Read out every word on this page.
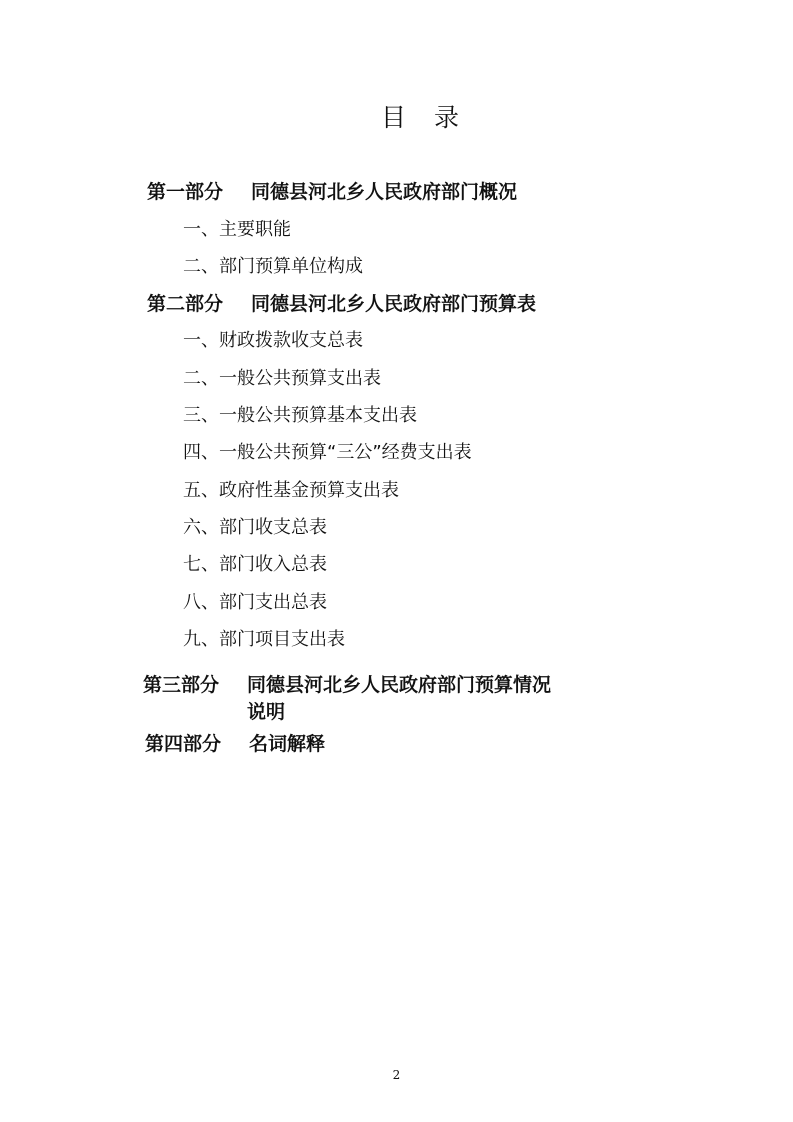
目 录
第一部分 同德县河北乡人民政府部门概况
一、主要职能
二、部门预算单位构成
第二部分 同德县河北乡人民政府部门预算表
一、财政拨款收支总表
二、一般公共预算支出表
三、一般公共预算基本支出表
四、一般公共预算“三公”经费支出表
五、政府性基金预算支出表
六、部门收支总表
七、部门收入总表
八、部门支出总表
九、部门项目支出表
第三部分 同德县河北乡人民政府部门预算情况
说明
第四部分 名词解释
2
